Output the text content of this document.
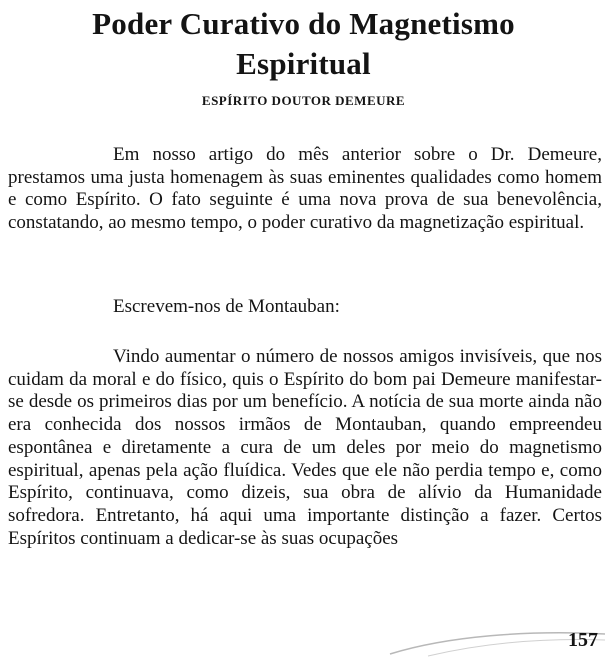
Poder Curativo do Magnetismo
Espiritual

ESPÍRITO DOUTOR DEMEURE

Em nosso artigo do mês anterior sobre o Dr. Demeure, prestamos uma justa homenagem às suas eminentes qualidades como homem e como Espírito. O fato seguinte é uma nova prova de sua benevolência, constatando, ao mesmo tempo, o poder curativo da magnetização espiritual.

Escrevem-nos de Montauban:

Vindo aumentar o número de nossos amigos invisíveis, que nos cuidam da moral e do físico, quis o Espírito do bom pai Demeure manifestar-se desde os primeiros dias por um benefício. A notícia de sua morte ainda não era conhecida dos nossos irmãos de Montauban, quando empreendeu espontânea e diretamente a cura de um deles por meio do magnetismo espiritual, apenas pela ação fluídica. Vedes que ele não perdia tempo e, como Espírito, continuava, como dizeis, sua obra de alívio da Humanidade sofredora. Entretanto, há aqui uma importante distinção a fazer. Certos Espíritos continuam a dedicar-se às suas ocupações

157
